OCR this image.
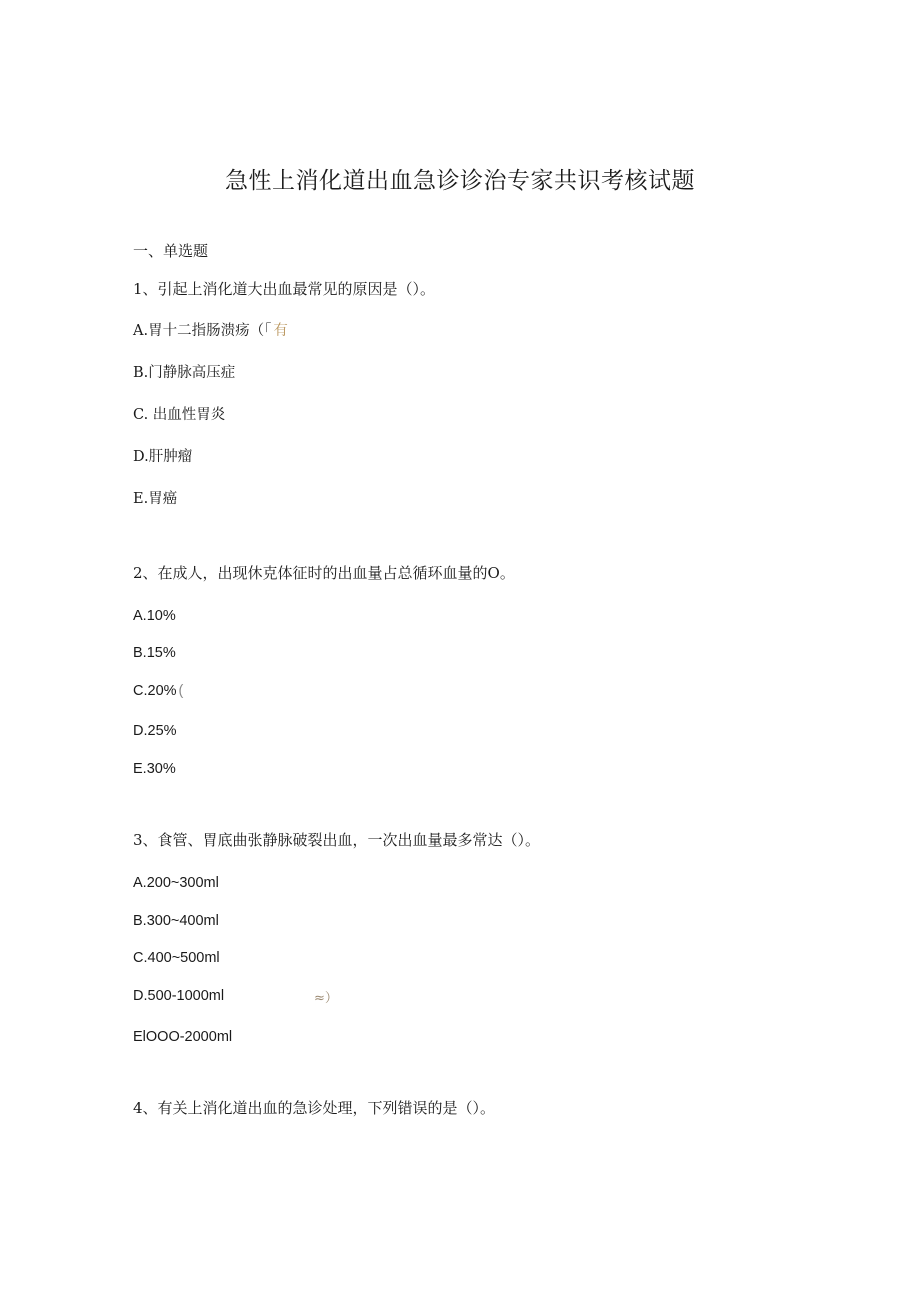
急性上消化道出血急诊诊治专家共识考核试题
一、单选题
1、引起上消化道大出血最常见的原因是（）。
A.胃十二指肠溃疡（「 有
B.门静脉高压症
C. 出血性胃炎
D.肝肿瘤
E.胃癌
2、在成人，出现休克体征时的出血量占总循环血量的O。
A.10%
B.15%
C.20% (
D.25%
E.30%
3、食管、胃底曲张静脉破裂出血，一次出血量最多常达（）。
A.200~300ml
B.300~400ml
C.400~500ml
D.500-1000ml	≈）
ElOOO-2000ml
4、有关上消化道出血的急诊处理，下列错误的是（）。
